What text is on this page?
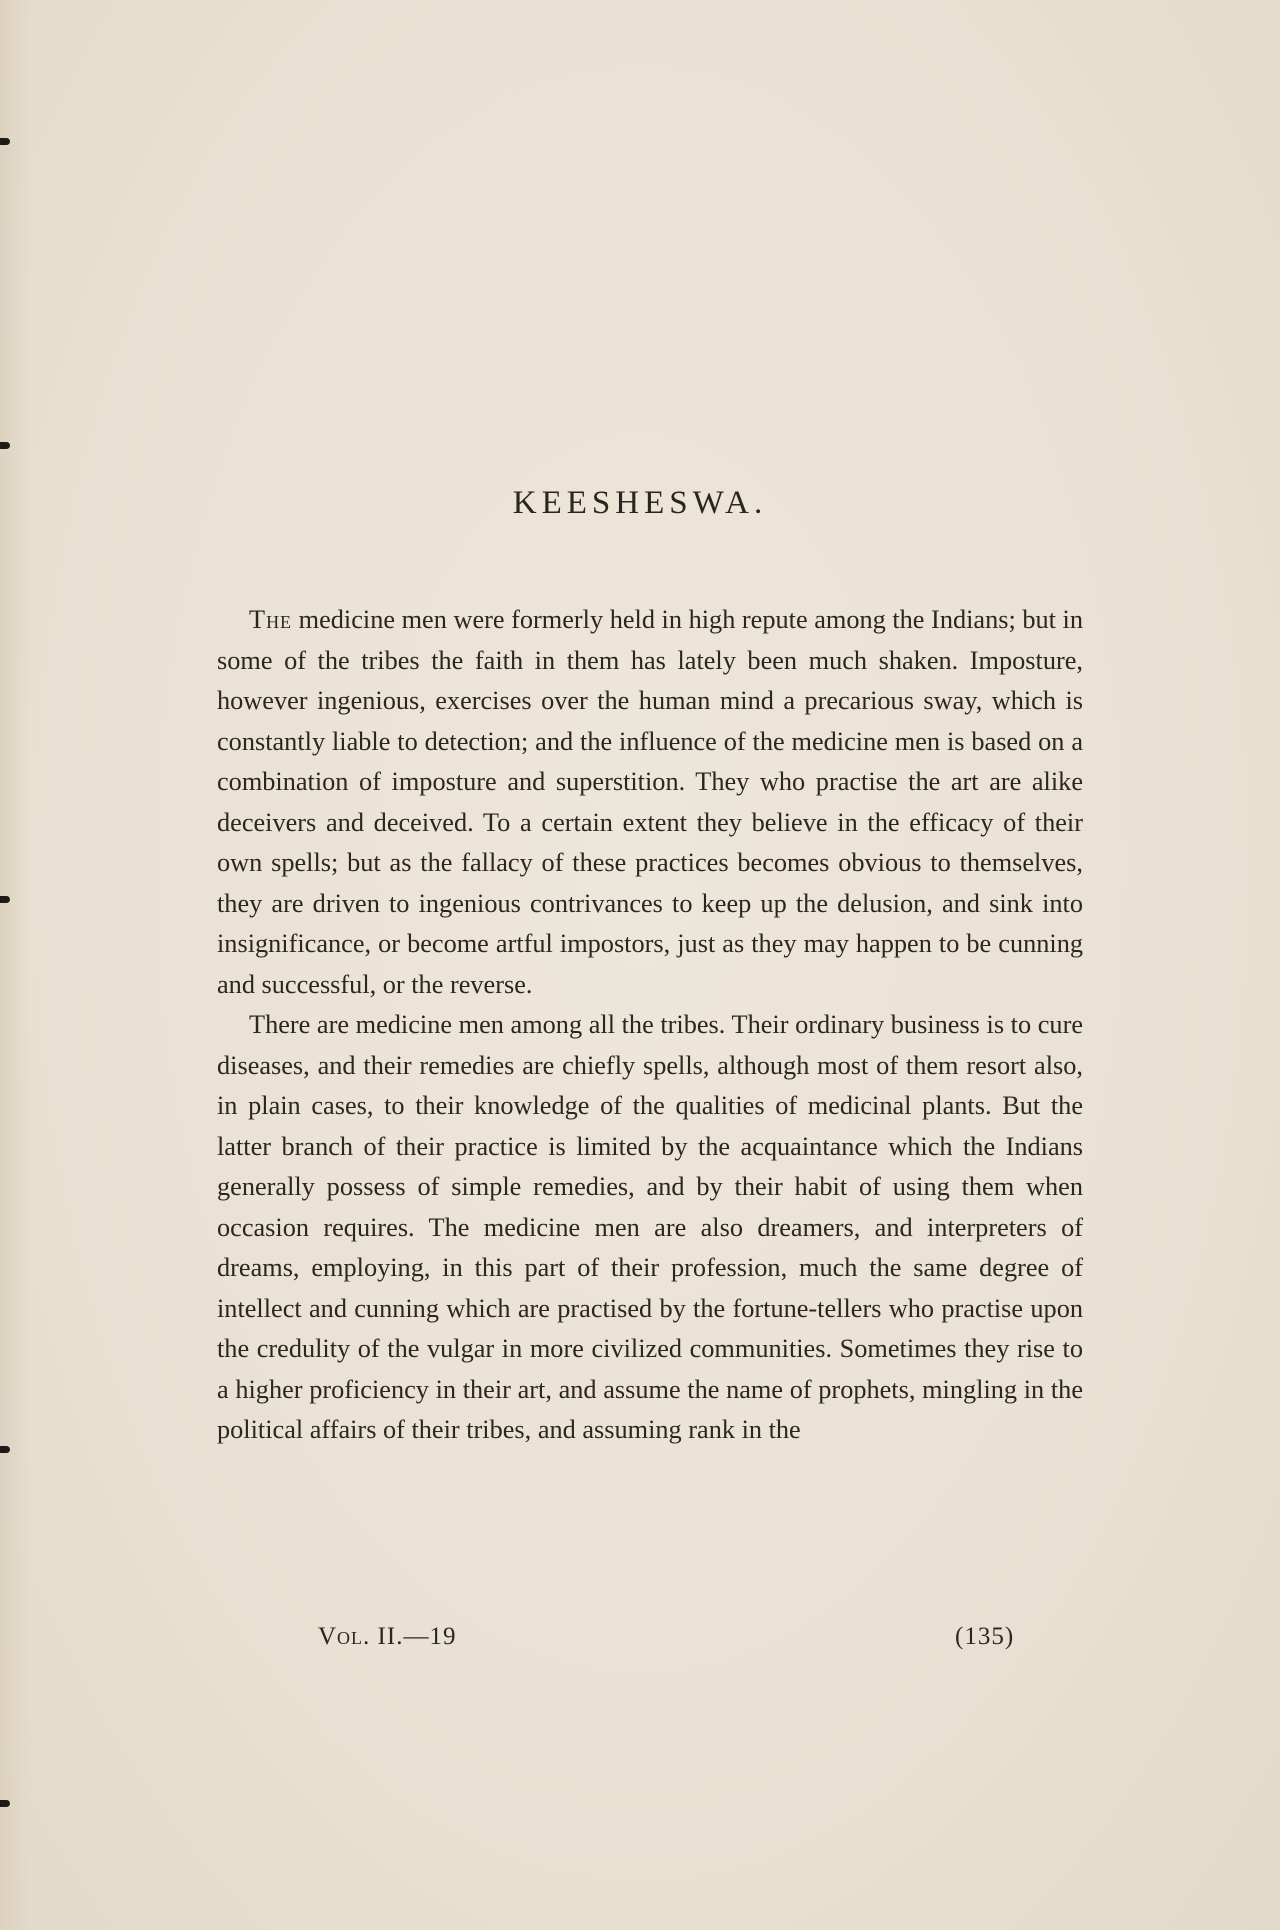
KEESHESWA.

The medicine men were formerly held in high repute among the Indians; but in some of the tribes the faith in them has lately been much shaken. Imposture, however ingenious, exercises over the human mind a precarious sway, which is constantly liable to detection; and the influence of the medicine men is based on a combination of imposture and superstition. They who practise the art are alike deceivers and deceived. To a certain extent they believe in the efficacy of their own spells; but as the fallacy of these practices becomes obvious to themselves, they are driven to ingenious contrivances to keep up the delusion, and sink into insignificance, or become artful impostors, just as they may happen to be cunning and successful, or the reverse.

There are medicine men among all the tribes. Their ordinary business is to cure diseases, and their remedies are chiefly spells, although most of them resort also, in plain cases, to their knowledge of the qualities of medicinal plants. But the latter branch of their practice is limited by the acquaintance which the Indians generally possess of simple remedies, and by their habit of using them when occasion requires. The medicine men are also dreamers, and interpreters of dreams, employing, in this part of their profession, much the same degree of intellect and cunning which are practised by the fortune-tellers who practise upon the credulity of the vulgar in more civilized communities. Sometimes they rise to a higher proficiency in their art, and assume the name of prophets, mingling in the political affairs of their tribes, and assuming rank in the

Vol. II.—19	(135)
